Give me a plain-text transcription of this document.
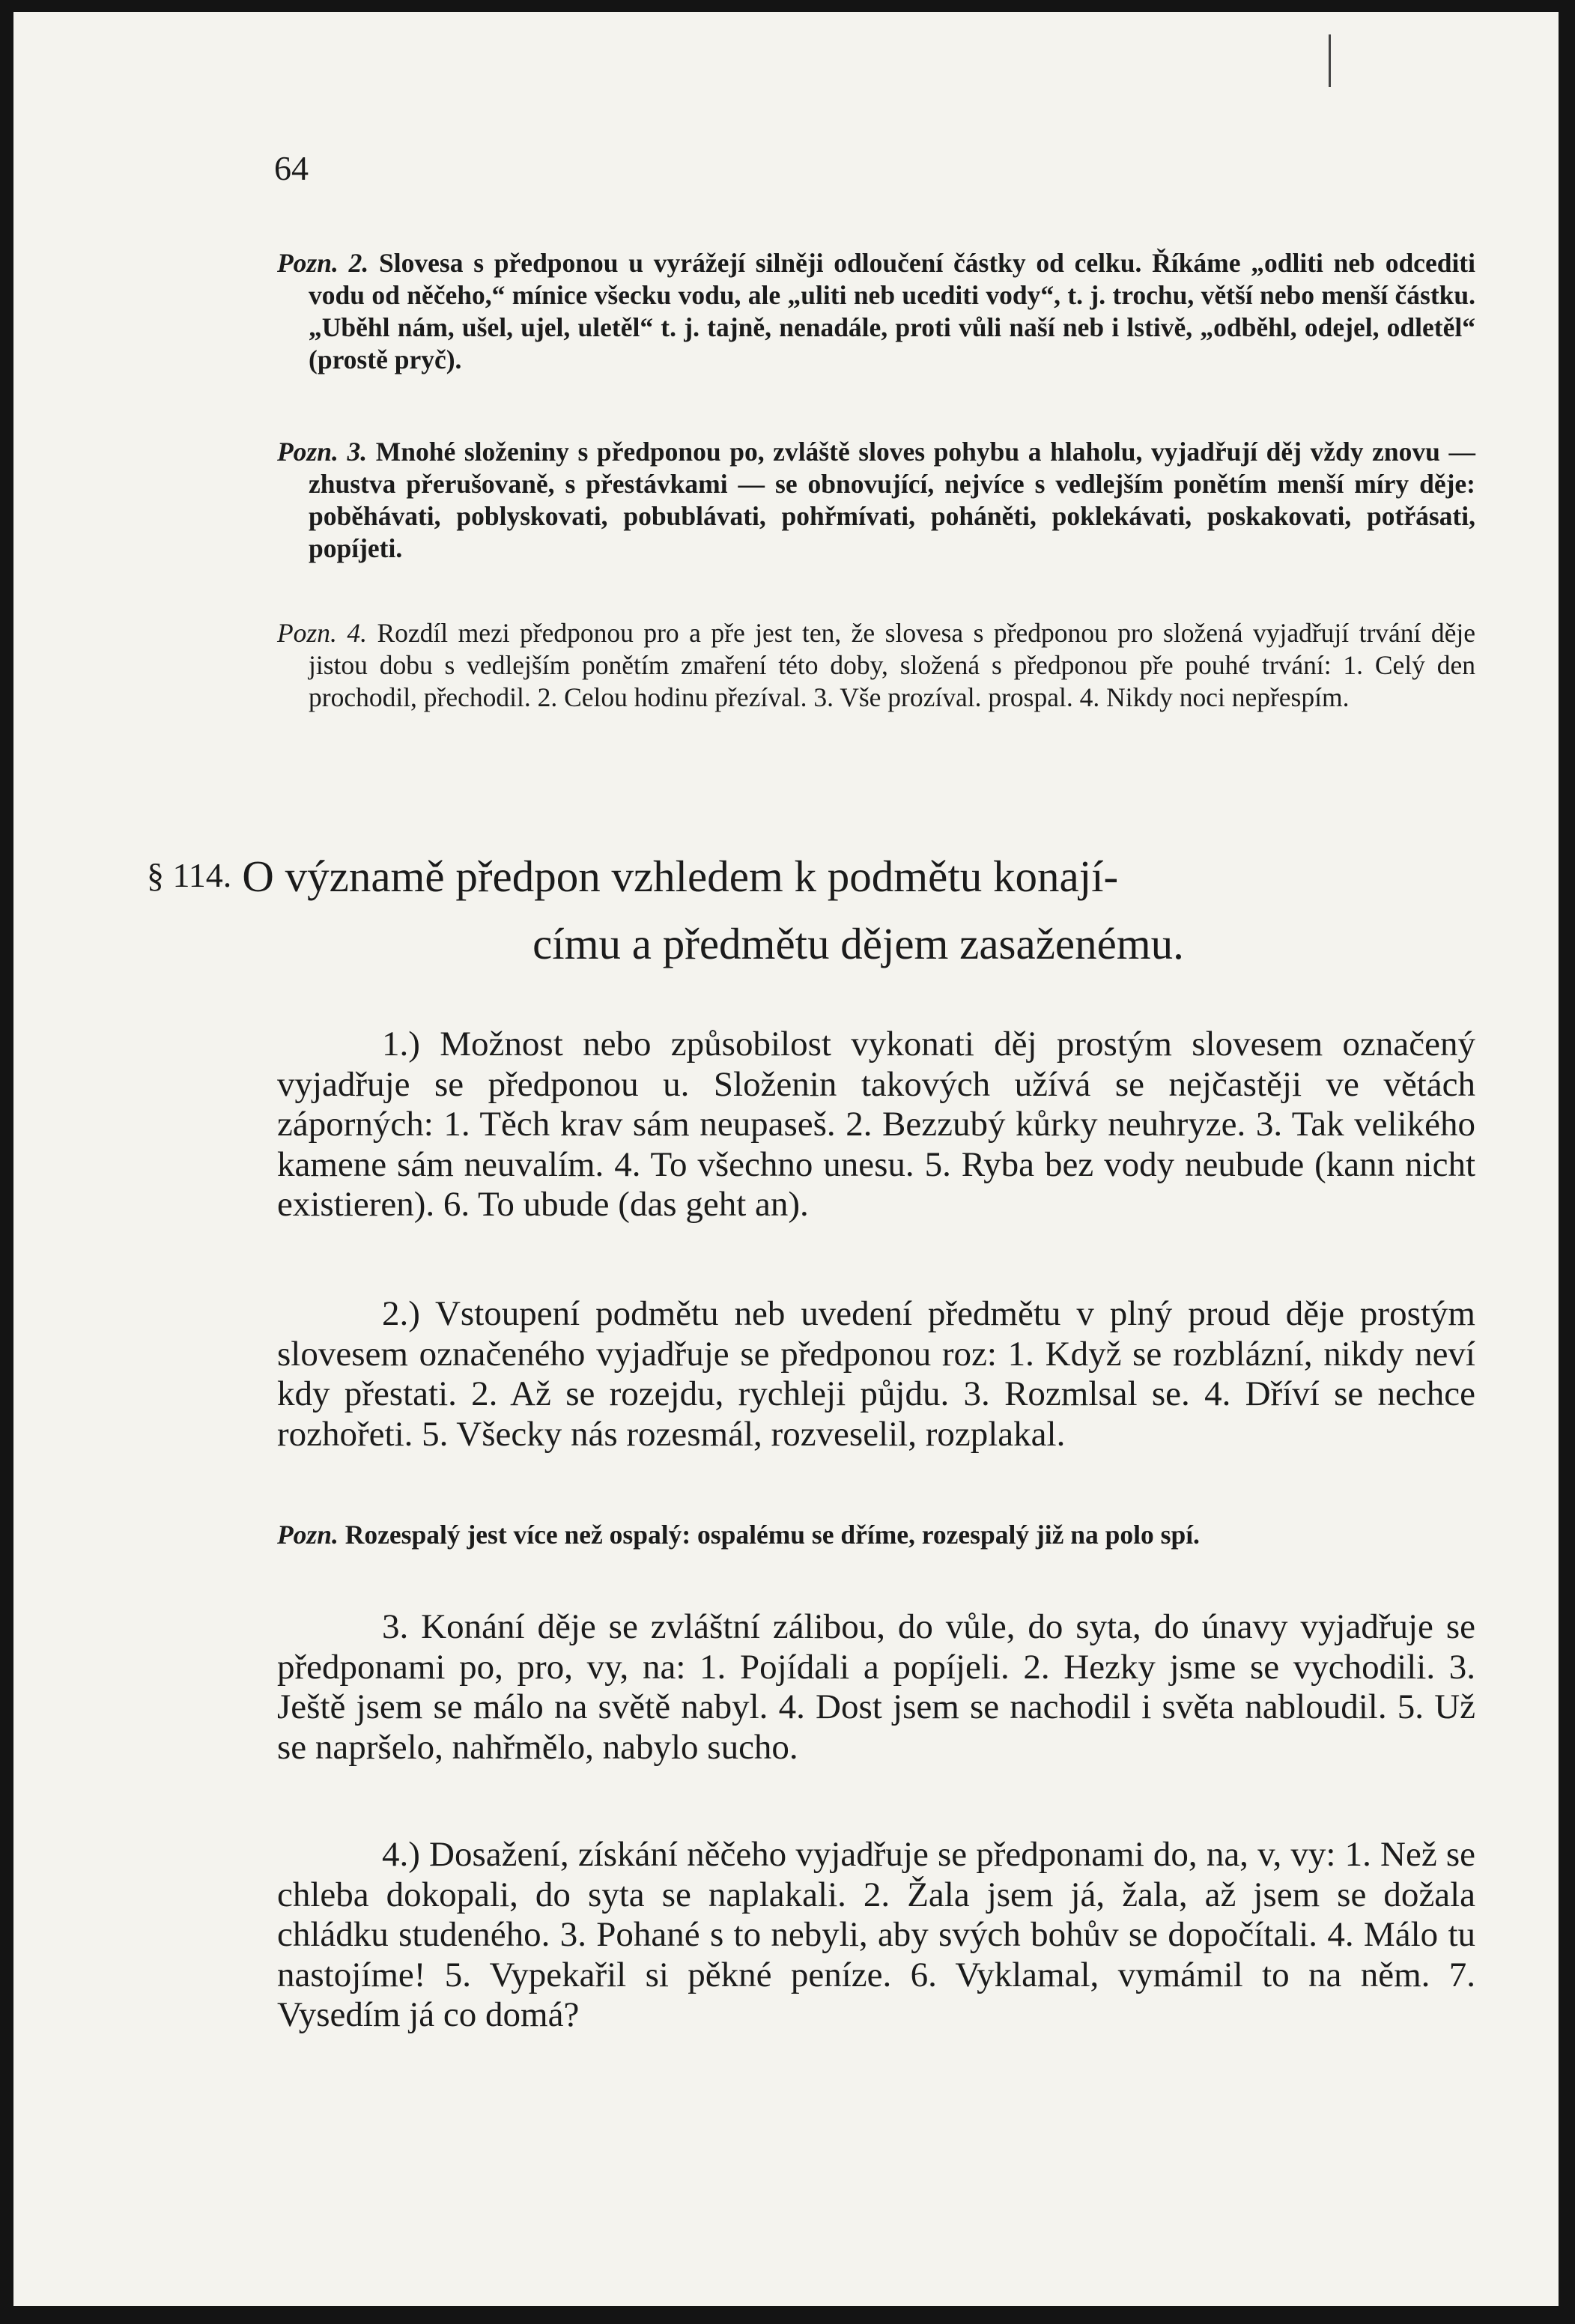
64

Pozn. 2. Slovesa s předponou u vyrážejí silněji odloučení částky od celku. Říkáme „odliti neb odcediti vodu od něčeho,“ mínice všecku vodu, ale „uliti neb ucediti vody“, t. j. trochu, větší nebo menší částku. „Uběhl nám, ušel, ujel, uletěl“ t. j. tajně, nenadále, proti vůli naší neb i lstivě, „odběhl, odejel, odletěl“ (prostě pryč).

Pozn. 3. Mnohé složeniny s předponou po, zvláště sloves pohybu a hlaholu, vyjadřují děj vždy znovu — zhustva přerušovaně, s přestávkami — se obnovující, nejvíce s vedlejším ponětím menší míry děje: poběhávati, poblyskovati, pobublávati, pohřmívati, poháněti, poklekávati, poskakovati, potřásati, popíjeti.

Pozn. 4. Rozdíl mezi předponou pro a pře jest ten, že slovesa s předponou pro složená vyjadřují trvání děje jistou dobu s vedlejším ponětím zmaření této doby, složená s předponou pře pouhé trvání: 1. Celý den prochodil, přechodil. 2. Celou hodinu přezíval. 3. Vše prozíval. prospal. 4. Nikdy noci nepřespím.

§ 114. O významě předpon vzhledem k podmětu konají-
címu a předmětu dějem zasaženému.

1.) Možnost nebo způsobilost vykonati děj prostým slovesem označený vyjadřuje se předponou u. Složenin takových užívá se nejčastěji ve větách záporných: 1. Těch krav sám neupaseš. 2. Bezzubý kůrky neuhryze. 3. Tak velikého kamene sám neuvalím. 4. To všechno unesu. 5. Ryba bez vody neubude (kann nicht existieren). 6. To ubude (das geht an).

2.) Vstoupení podmětu neb uvedení předmětu v plný proud děje prostým slovesem označeného vyjadřuje se předponou roz: 1. Když se rozblázní, nikdy neví kdy přestati. 2. Až se rozejdu, rychleji půjdu. 3. Rozmlsal se. 4. Dříví se nechce rozhořeti. 5. Všecky nás rozesmál, rozveselil, rozplakal.

Pozn. Rozespalý jest více než ospalý: ospalému se dříme, rozespalý již na polo spí.

3. Konání děje se zvláštní zálibou, do vůle, do syta, do únavy vyjadřuje se předponami po, pro, vy, na: 1. Pojídali a popíjeli. 2. Hezky jsme se vychodili. 3. Ještě jsem se málo na světě nabyl. 4. Dost jsem se nachodil i světa nabloudil. 5. Už se napršelo, nahřmělo, nabylo sucho.

4.) Dosažení, získání něčeho vyjadřuje se předponami do, na, v, vy: 1. Než se chleba dokopali, do syta se naplakali. 2. Žala jsem já, žala, až jsem se dožala chládku studeného. 3. Pohané s to nebyli, aby svých bohův se dopočítali. 4. Málo tu nastojíme! 5. Vypekařil si pěkné peníze. 6. Vyklamal, vymámil to na něm. 7. Vysedím já co domá?
